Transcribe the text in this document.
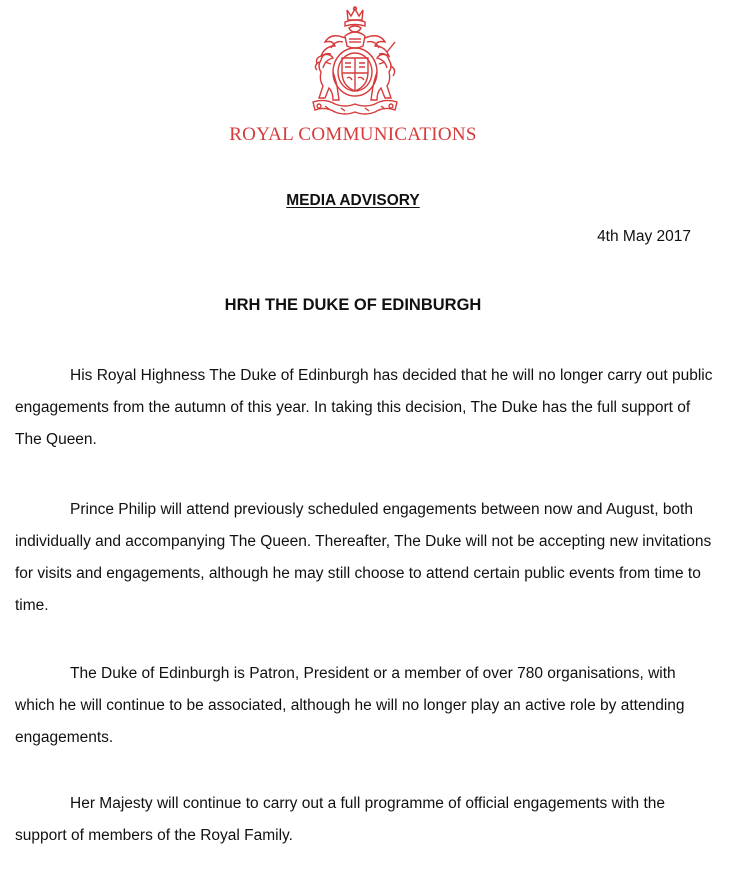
ROYAL COMMUNICATIONS
MEDIA ADVISORY
4th May 2017
HRH THE DUKE OF EDINBURGH

His Royal Highness The Duke of Edinburgh has decided that he will no longer carry out public engagements from the autumn of this year. In taking this decision, The Duke has the full support of The Queen.

Prince Philip will attend previously scheduled engagements between now and August, both individually and accompanying The Queen. Thereafter, The Duke will not be accepting new invitations for visits and engagements, although he may still choose to attend certain public events from time to time.

The Duke of Edinburgh is Patron, President or a member of over 780 organisations, with which he will continue to be associated, although he will no longer play an active role by attending engagements.

Her Majesty will continue to carry out a full programme of official engagements with the support of members of the Royal Family.
